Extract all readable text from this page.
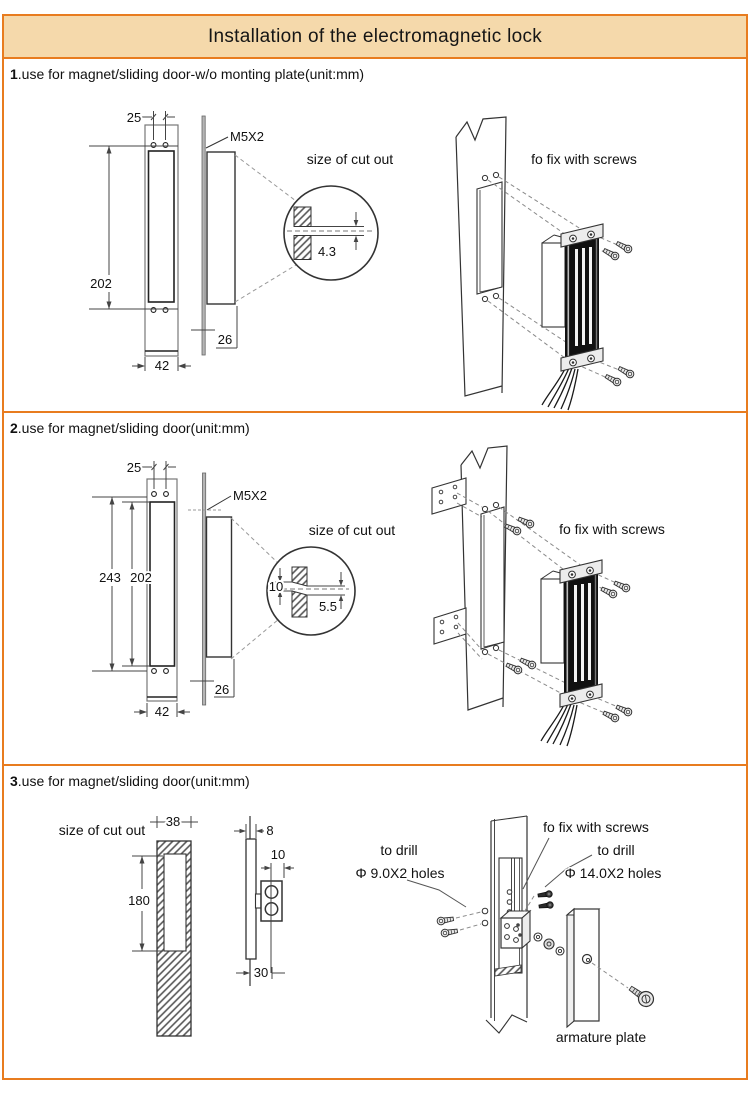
Installation of the electromagnetic lock
1.use for magnet/sliding door-w/o monting plate(unit:mm)
25
202
42
M5X2
26
4.3
size of cut out	fo fix with screws
2.use for magnet/sliding door(unit:mm)
25
243 202
42
M5X2
26
10
5.5
size of cut out	fo fix with screws
3.use for magnet/sliding door(unit:mm)
size of cut out
38
180
8
10
30
fo fix with screws
to drill
Φ 9.0X2 holes
to drill
Φ 14.0X2 holes
armature plate
